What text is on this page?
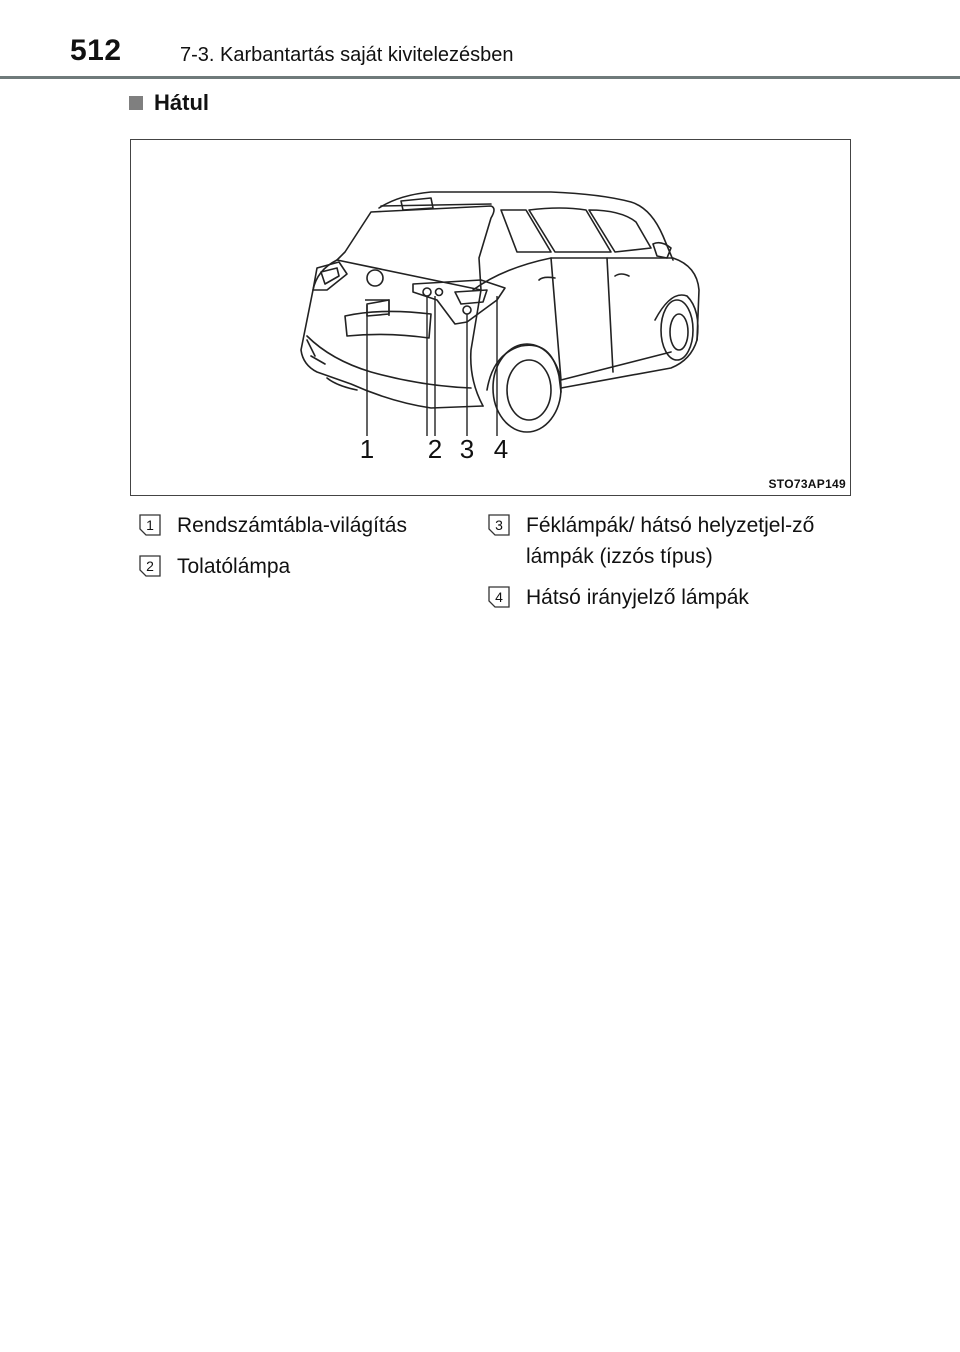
512	7-3. Karbantartás saját kivitelezésben
Hátul
1 2 3 4
STO73AP149
1	Rendszámtábla-világítás
2	Tolatólámpa
3	Féklámpák/ hátsó helyzetjel-ző lámpák (izzós típus)
4	Hátsó irányjelző lámpák
